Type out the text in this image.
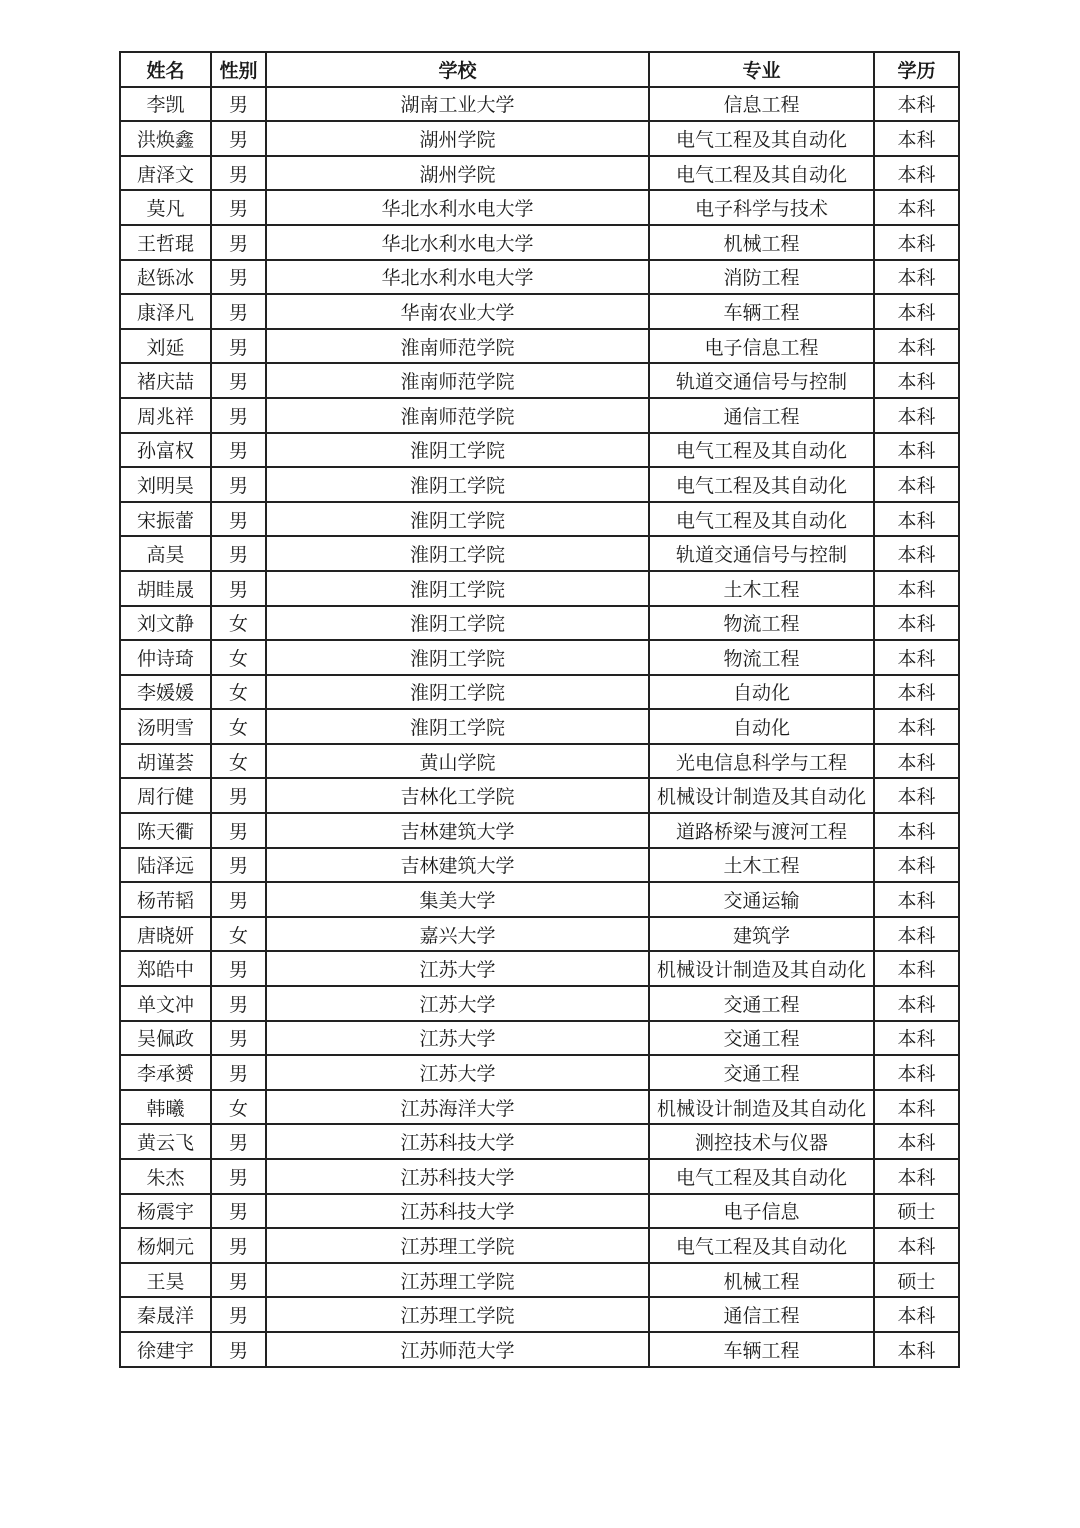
姓名	性别	学校	专业	学历
李凯	男	湖南工业大学	信息工程	本科
洪焕鑫	男	湖州学院	电气工程及其自动化	本科
唐泽文	男	湖州学院	电气工程及其自动化	本科
莫凡	男	华北水利水电大学	电子科学与技术	本科
王哲琨	男	华北水利水电大学	机械工程	本科
赵铄冰	男	华北水利水电大学	消防工程	本科
康泽凡	男	华南农业大学	车辆工程	本科
刘延	男	淮南师范学院	电子信息工程	本科
褚庆喆	男	淮南师范学院	轨道交通信号与控制	本科
周兆祥	男	淮南师范学院	通信工程	本科
孙富权	男	淮阴工学院	电气工程及其自动化	本科
刘明昊	男	淮阴工学院	电气工程及其自动化	本科
宋振蕾	男	淮阴工学院	电气工程及其自动化	本科
高昊	男	淮阴工学院	轨道交通信号与控制	本科
胡眭晟	男	淮阴工学院	土木工程	本科
刘文静	女	淮阴工学院	物流工程	本科
仲诗琦	女	淮阴工学院	物流工程	本科
李媛媛	女	淮阴工学院	自动化	本科
汤明雪	女	淮阴工学院	自动化	本科
胡谨荟	女	黄山学院	光电信息科学与工程	本科
周行健	男	吉林化工学院	机械设计制造及其自动化	本科
陈天衢	男	吉林建筑大学	道路桥梁与渡河工程	本科
陆泽远	男	吉林建筑大学	土木工程	本科
杨芾韬	男	集美大学	交通运输	本科
唐晓妍	女	嘉兴大学	建筑学	本科
郑皓中	男	江苏大学	机械设计制造及其自动化	本科
单文冲	男	江苏大学	交通工程	本科
吴佩政	男	江苏大学	交通工程	本科
李承赟	男	江苏大学	交通工程	本科
韩曦	女	江苏海洋大学	机械设计制造及其自动化	本科
黄云飞	男	江苏科技大学	测控技术与仪器	本科
朱杰	男	江苏科技大学	电气工程及其自动化	本科
杨震宇	男	江苏科技大学	电子信息	硕士
杨炯元	男	江苏理工学院	电气工程及其自动化	本科
王昊	男	江苏理工学院	机械工程	硕士
秦晟洋	男	江苏理工学院	通信工程	本科
徐建宇	男	江苏师范大学	车辆工程	本科
